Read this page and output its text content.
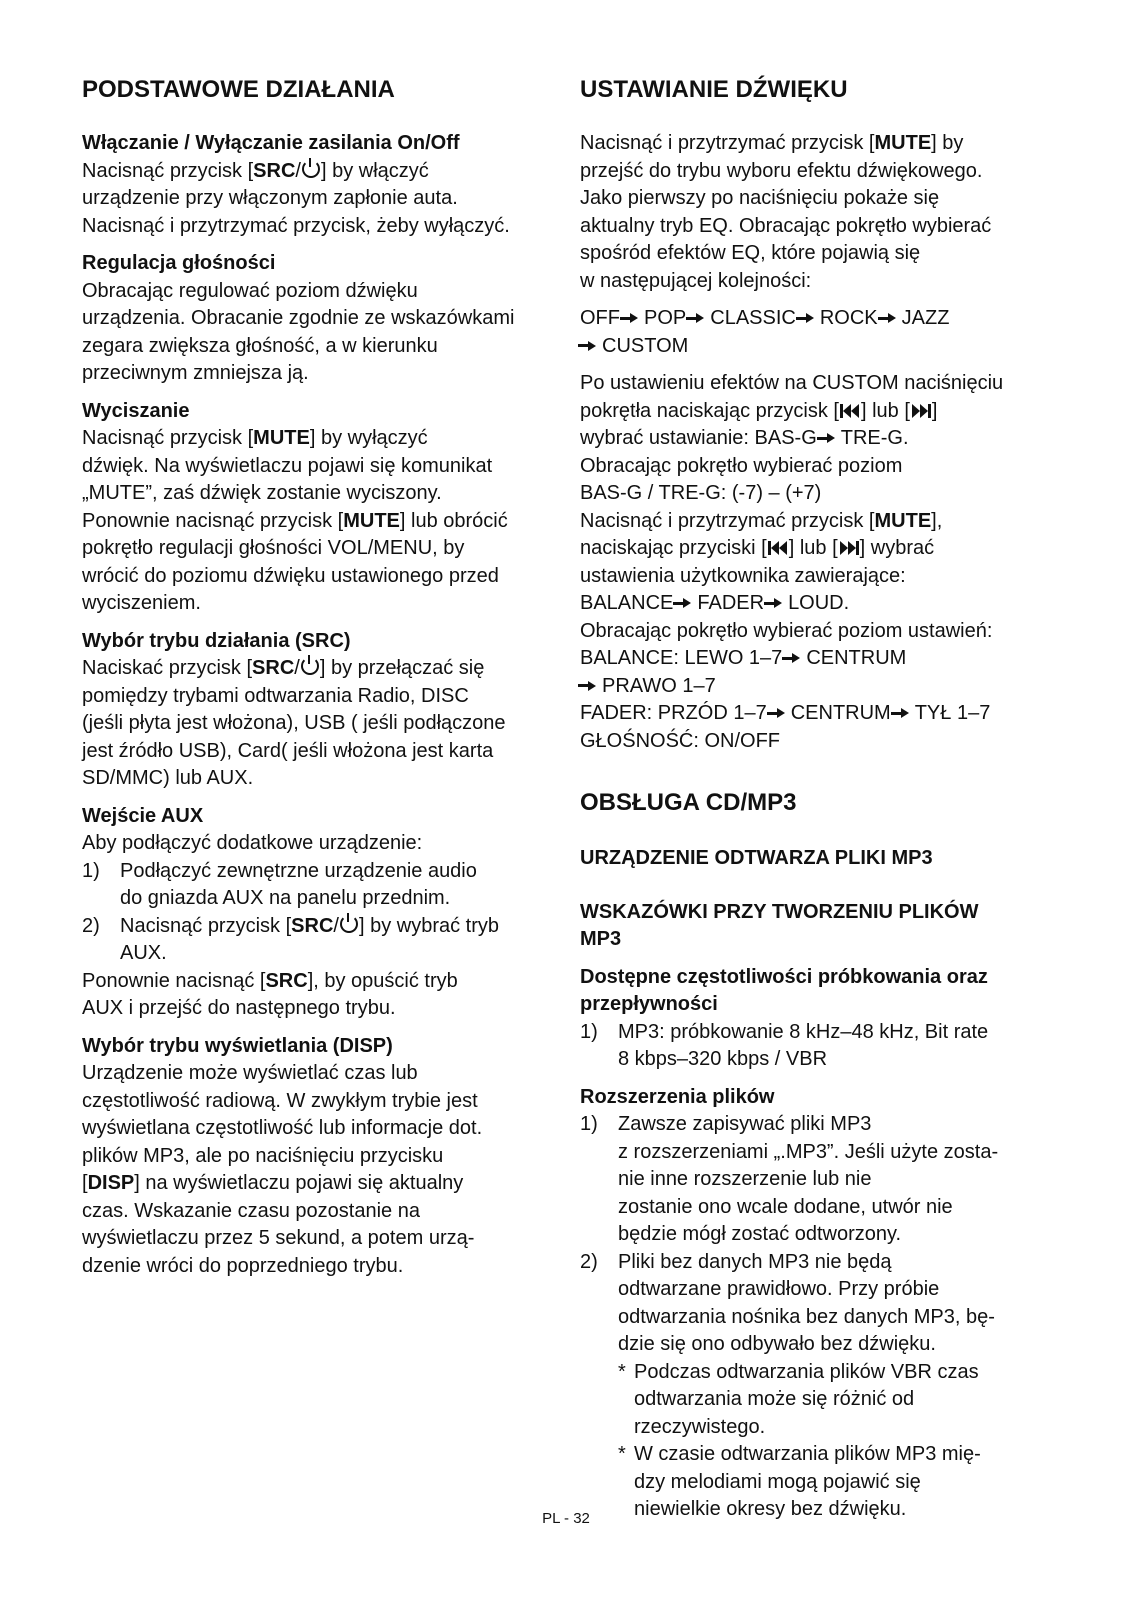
PODSTAWOWE DZIAŁANIA
Włączanie / Wyłączanie zasilania On/Off
Nacisnąć przycisk [SRC/ ] by włączyć
urządzenie przy włączonym zapłonie auta.
Nacisnąć i przytrzymać przycisk, żeby wyłączyć.
Regulacja głośności
Obracając regulować poziom dźwięku
urządzenia. Obracanie zgodnie ze wskazówkami
zegara zwiększa głośność, a w kierunku
przeciwnym zmniejsza ją.
Wyciszanie
Nacisnąć przycisk [MUTE] by wyłączyć
dźwięk. Na wyświetlaczu pojawi się komunikat
„MUTE”, zaś dźwięk zostanie wyciszony.
Ponownie nacisnąć przycisk [MUTE] lub obrócić
pokrętło regulacji głośności VOL/MENU, by
wrócić do poziomu dźwięku ustawionego przed
wyciszeniem.
Wybór trybu działania (SRC)
Naciskać przycisk [SRC/ ] by przełączać się
pomiędzy trybami odtwarzania Radio, DISC
(jeśli płyta jest włożona), USB ( jeśli podłączone
jest źródło USB), Card( jeśli włożona jest karta
SD/MMC) lub AUX.
Wejście AUX
Aby podłączyć dodatkowe urządzenie:
1)	Podłączyć zewnętrzne urządzenie audio
do gniazda AUX na panelu przednim.
2)	Nacisnąć przycisk [SRC/ ] by wybrać tryb
AUX.
Ponownie nacisnąć [SRC], by opuścić tryb
AUX i przejść do następnego trybu.
Wybór trybu wyświetlania (DISP)
Urządzenie może wyświetlać czas lub
częstotliwość radiową. W zwykłym trybie jest
wyświetlana częstotliwość lub informacje dot.
plików MP3, ale po naciśnięciu przycisku
[DISP] na wyświetlaczu pojawi się aktualny
czas. Wskazanie czasu pozostanie na
wyświetlaczu przez 5 sekund, a potem urzą-
dzenie wróci do poprzedniego trybu.
USTAWIANIE DŹWIĘKU
Nacisnąć i przytrzymać przycisk [MUTE] by
przejść do trybu wyboru efektu dźwiękowego.
Jako pierwszy po naciśnięciu pokaże się
aktualny tryb EQ. Obracając pokrętło wybierać
spośród efektów EQ, które pojawią się
w następującej kolejności:
OFF POP CLASSIC ROCK JAZZ
CUSTOM
Po ustawieniu efektów na CUSTOM naciśnięciu
pokrętła naciskając przycisk [ ] lub [ ]
wybrać ustawianie: BAS-G TRE-G.
Obracając pokrętło wybierać poziom
BAS-G / TRE-G: (-7) – (+7)
Nacisnąć i przytrzymać przycisk [MUTE],
naciskając przyciski [ ] lub [ ] wybrać
ustawienia użytkownika zawierające:
BALANCE FADER LOUD.
Obracając pokrętło wybierać poziom ustawień:
BALANCE: LEWO 1–7 CENTRUM
PRAWO 1–7
FADER: PRZÓD 1–7 CENTRUM TYŁ 1–7
GŁOŚNOŚĆ: ON/OFF
OBSŁUGA CD/MP3
URZĄDZENIE ODTWARZA PLIKI MP3
WSKAZÓWKI PRZY TWORZENIU PLIKÓW
MP3
Dostępne częstotliwości próbkowania oraz
przepływności
1)	MP3: próbkowanie 8 kHz–48 kHz, Bit rate
8 kbps–320 kbps / VBR
Rozszerzenia plików
1)	Zawsze zapisywać pliki MP3
z rozszerzeniami „.MP3”. Jeśli użyte zosta-
nie inne rozszerzenie lub nie
zostanie ono wcale dodane, utwór nie
będzie mógł zostać odtworzony.
2)	Pliki bez danych MP3 nie będą
odtwarzane prawidłowo. Przy próbie
odtwarzania nośnika bez danych MP3, bę-
dzie się ono odbywało bez dźwięku.
* Podczas odtwarzania plików VBR czas
odtwarzania może się różnić od
rzeczywistego.
* W czasie odtwarzania plików MP3 mię-
dzy melodiami mogą pojawić się
niewielkie okresy bez dźwięku.
PL - 32
